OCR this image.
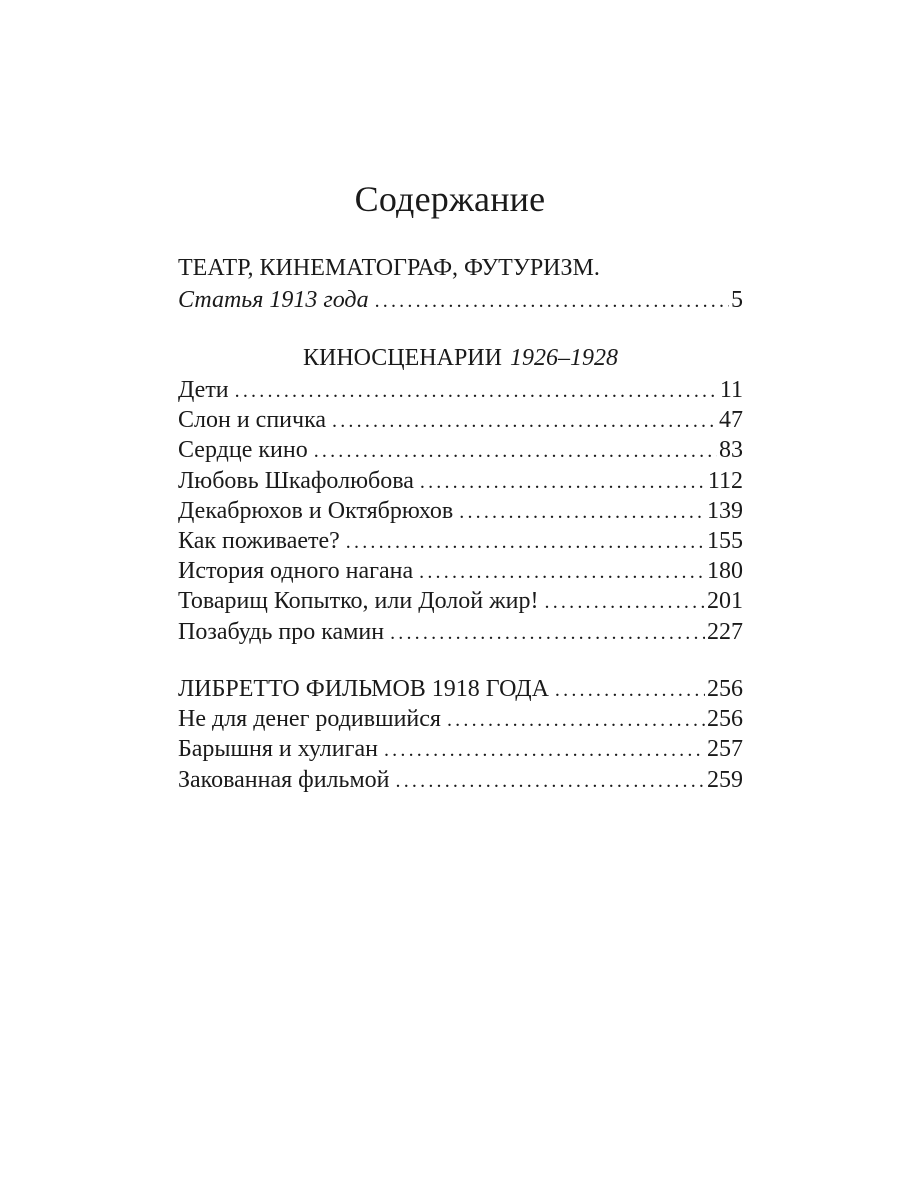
Содержание
ТЕАТР, КИНЕМАТОГРАФ, ФУТУРИЗМ.
Статья 1913 года .....	5
КИНОСЦЕНАРИИ 1926–1928
Дети .....	11
Слон и спичка .....	47
Сердце кино .....	83
Любовь Шкафолюбова .....	112
Декабрюхов и Октябрюхов .....	139
Как поживаете? .....	155
История одного нагана .....	180
Товарищ Копытко, или Долой жир! .....	201
Позабудь про камин .....	227
ЛИБРЕТТО ФИЛЬМОВ 1918 ГОДА .....	256
Не для денег родившийся .....	256
Барышня и хулиган .....	257
Закованная фильмой .....	259
